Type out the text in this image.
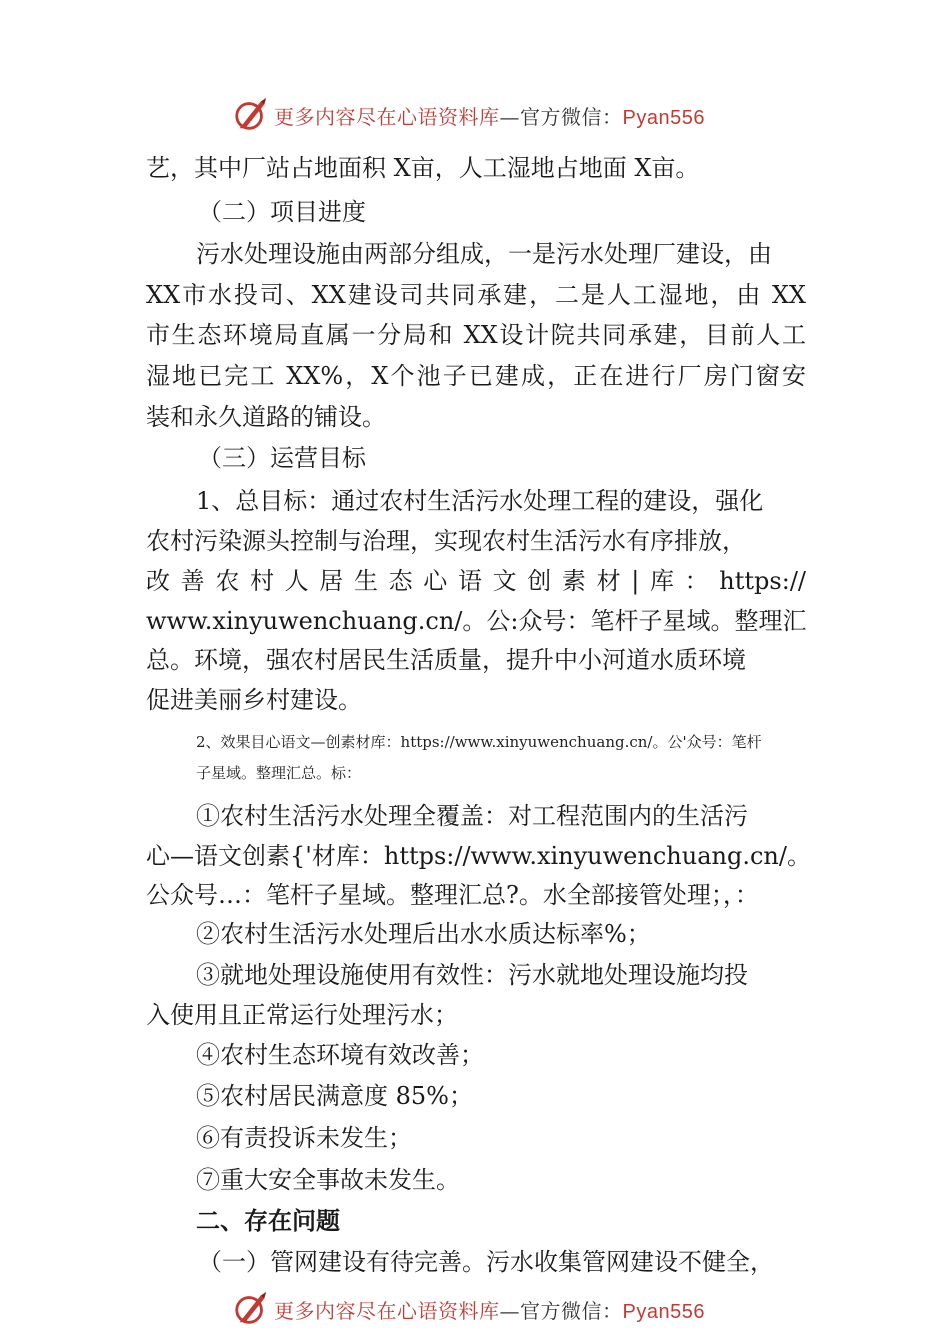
更多内容尽在心语资料库—官方微信：Pyan556
艺，其中厂站占地面积 X亩，人工湿地占地面 X亩。
（二）项目进度
污水处理设施由两部分组成，一是污水处理厂建设，由
XX市水投司、XX建设司共同承建，二是人工湿地，由 XX
市生态环境局直属一分局和 XX设计院共同承建，目前人工
湿地已完工 XX%，X个池子已建成，正在进行厂房门窗安
装和永久道路的铺设。
（三）运营目标
1、总目标：通过农村生活污水处理工程的建设，强化
农村污染源头控制与治理，实现农村生活污水有序排放，
改善农村人居生态心语文创素材|库：https://
www.xinyuwenchuang.cn/。公:众号：笔杆子星域。整理汇
总。环境，强农村居民生活质量，提升中小河道水质环境
促进美丽乡村建设。
2、效果目心语文—创素材库：https://www.xinyuwenchuang.cn/。公'众号：笔杆
子星域。整理汇总。标：
①农村生活污水处理全覆盖：对工程范围内的生活污
心—语文创素{'材库：https://www.xinyuwenchuang.cn/。
公众号…：笔杆子星域。整理汇总?。水全部接管处理；，：
②农村生活污水处理后出水水质达标率%；
③就地处理设施使用有效性：污水就地处理设施均投
入使用且正常运行处理污水；
④农村生态环境有效改善；
⑤农村居民满意度 85%；
⑥有责投诉未发生；
⑦重大安全事故未发生。
二、存在问题
（一）管网建设有待完善。污水收集管网建设不健全，
更多内容尽在心语资料库—官方微信：Pyan556
